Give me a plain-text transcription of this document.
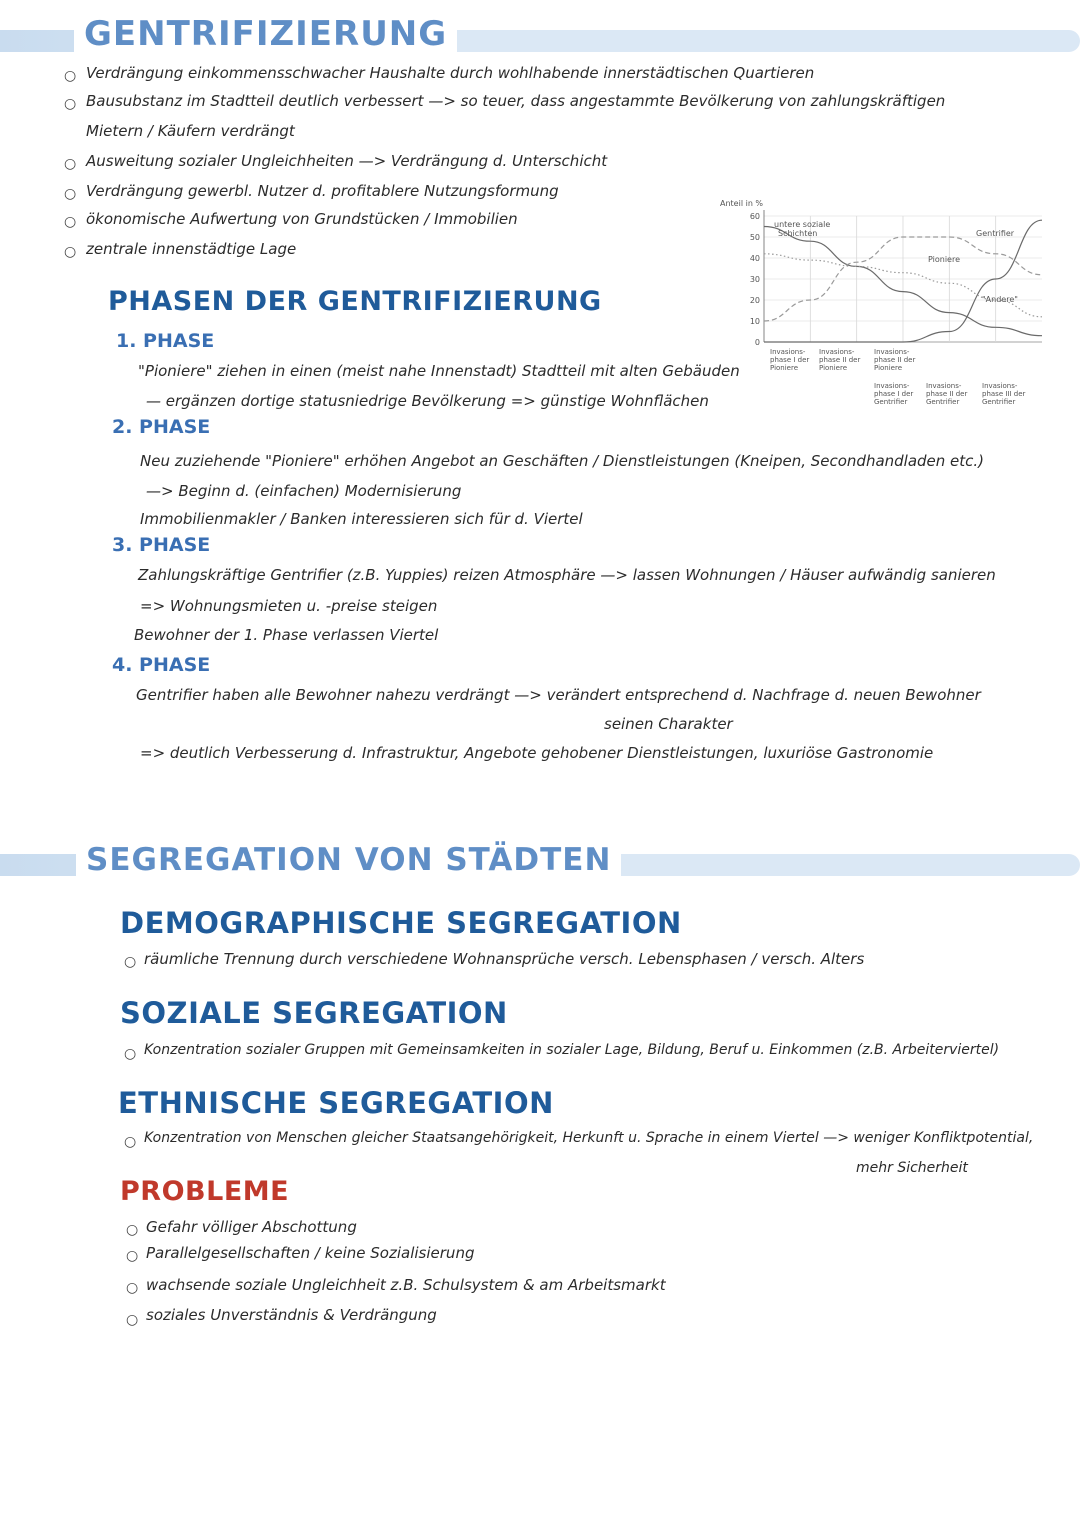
GENTRIFIZIERUNG
○ Verdrängung einkommensschwacher Haushalte durch wohlhabende innerstädtischen Quartieren
○ Bausubstanz im Stadtteil deutlich verbessert —> so teuer, dass angestammte Bevölkerung von zahlungskräftigen
Mietern / Käufern verdrängt
○ Ausweitung sozialer Ungleichheiten —> Verdrängung d. Unterschicht
○ Verdrängung gewerbl. Nutzer d. profitablere Nutzungsformung
○ ökonomische Aufwertung von Grundstücken / Immobilien
○ zentrale innenstädtige Lage
Anteil in %
0
10
20
30
40
50
60
untere soziale
Schichten
Pioniere
Gentrifier
"Andere"
Invasions-
phase I der
Pioniere
Invasions-
phase II der
Pioniere
Invasions-
phase II der
Pioniere
Invasions-
phase I der
Gentrifier
Invasions-
phase II der
Gentrifier
Invasions-
phase III der
Gentrifier
PHASEN DER GENTRIFIZIERUNG
1. PHASE
"Pioniere" ziehen in einen (meist nahe Innenstadt) Stadtteil mit alten Gebäuden
— ergänzen dortige statusniedrige Bevölkerung => günstige Wohnflächen
2. PHASE
Neu zuziehende "Pioniere" erhöhen Angebot an Geschäften / Dienstleistungen (Kneipen, Secondhandladen etc.)
—> Beginn d. (einfachen) Modernisierung
Immobilienmakler / Banken interessieren sich für d. Viertel
3. PHASE
Zahlungskräftige Gentrifier (z.B. Yuppies) reizen Atmosphäre —> lassen Wohnungen / Häuser aufwändig sanieren
=> Wohnungsmieten u. -preise steigen
Bewohner der 1. Phase verlassen Viertel
4. PHASE
Gentrifier haben alle Bewohner nahezu verdrängt —> verändert entsprechend d. Nachfrage d. neuen Bewohner
seinen Charakter
=> deutlich Verbesserung d. Infrastruktur, Angebote gehobener Dienstleistungen, luxuriöse Gastronomie
SEGREGATION VON STÄDTEN
DEMOGRAPHISCHE SEGREGATION
○ räumliche Trennung durch verschiedene Wohnansprüche versch. Lebensphasen / versch. Alters
SOZIALE SEGREGATION
○ Konzentration sozialer Gruppen mit Gemeinsamkeiten in sozialer Lage, Bildung, Beruf u. Einkommen (z.B. Arbeiterviertel)
ETHNISCHE SEGREGATION
○ Konzentration von Menschen gleicher Staatsangehörigkeit, Herkunft u. Sprache in einem Viertel —> weniger Konfliktpotential,
mehr Sicherheit
PROBLEME
○ Gefahr völliger Abschottung
○ Parallelgesellschaften / keine Sozialisierung
○ wachsende soziale Ungleichheit z.B. Schulsystem & am Arbeitsmarkt
○ soziales Unverständnis & Verdrängung
